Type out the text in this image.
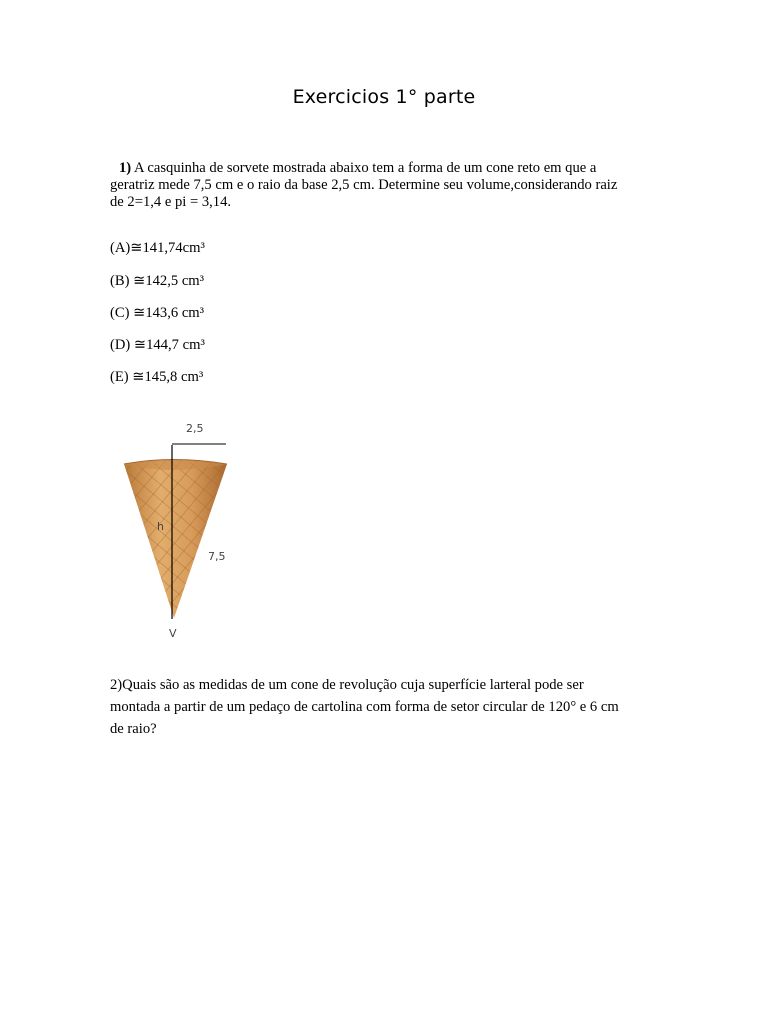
Exercicios 1° parte
1) A casquinha de sorvete mostrada abaixo tem a forma de um cone reto em que a
geratriz mede 7,5 cm e o raio da base 2,5 cm. Determine seu volume,considerando raiz
de 2=1,4 e pi = 3,14.
(A)≅141,74cm³
(B) ≅142,5 cm³
(C) ≅143,6 cm³
(D) ≅144,7 cm³
(E) ≅145,8 cm³
2,5
h
7,5
V
2)Quais são as medidas de um cone de revolução cuja superfície larteral pode ser
montada a partir de um pedaço de cartolina com forma de setor circular de 120° e 6 cm
de raio?
